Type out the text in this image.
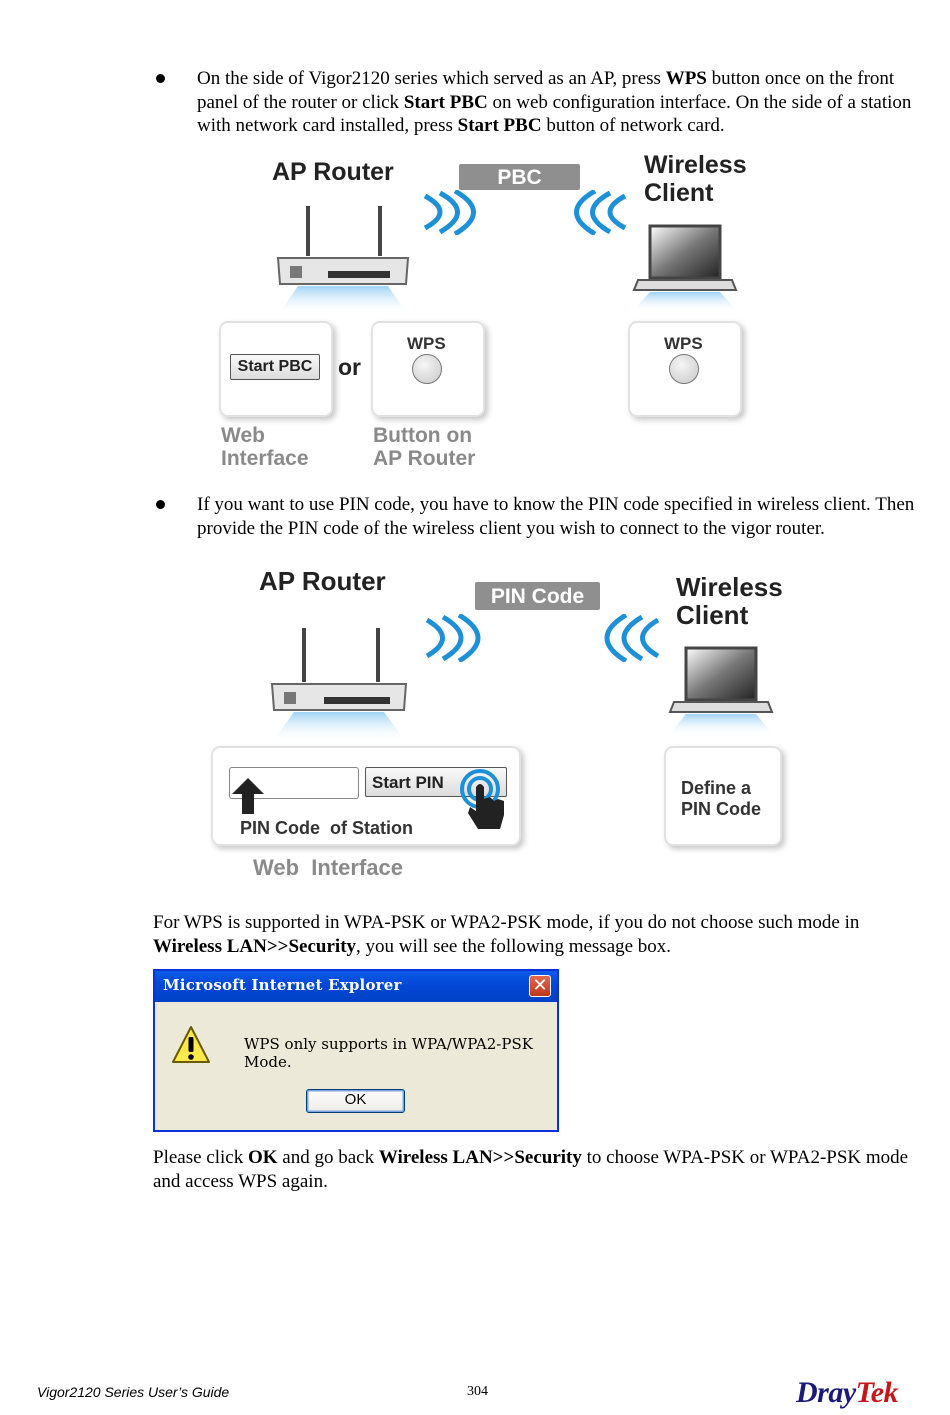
On the side of Vigor2120 series which served as an AP, press WPS button once on the front panel of the router or click Start PBC on web configuration interface. On the side of a station with network card installed, press Start PBC button of network card.

AP Router	PBC	Wireless
Client
Start PBC	or
WPS	WPS
Web
Interface
Button on
AP Router

If you want to use PIN code, you have to know the PIN code specified in wireless client. Then provide the PIN code of the wireless client you wish to connect to the vigor router.

AP Router
PIN Code	Wireless
Client
Start PIN
PIN Code  of Station
Define a
PIN Code
Web  Interface

For WPS is supported in WPA-PSK or WPA2-PSK mode, if you do not choose such mode in Wireless LAN>>Security, you will see the following message box.

Microsoft Internet Explorer	✕
WPS only supports in WPA/WPA2-PSK Mode.
OK

Please click OK and go back Wireless LAN>>Security to choose WPA-PSK or WPA2-PSK mode and access WPS again.

Vigor2120 Series User’s Guide	304	DrayTek
